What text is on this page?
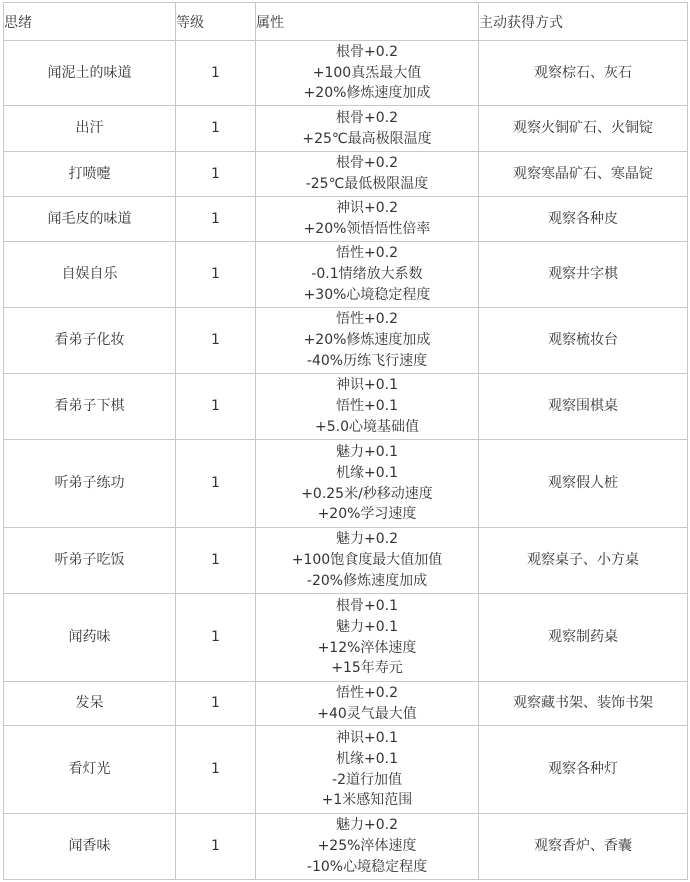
思绪	等级	属性	主动获得方式
闻泥土的味道	1	根骨+0.2
+100真炁最大值
+20%修炼速度加成	观察棕石、灰石
出汗	1	根骨+0.2
+25℃最高极限温度	观察火铜矿石、火铜锭
打喷嚏	1	根骨+0.2
-25℃最低极限温度	观察寒晶矿石、寒晶锭
闻毛皮的味道	1	神识+0.2
+20%领悟悟性倍率	观察各种皮
自娱自乐	1	悟性+0.2
-0.1情绪放大系数
+30%心境稳定程度	观察井字棋
看弟子化妆	1	悟性+0.2
+20%修炼速度加成
-40%历练飞行速度	观察梳妆台
看弟子下棋	1	神识+0.1
悟性+0.1
+5.0心境基础值	观察围棋桌
听弟子练功	1	魅力+0.1
机缘+0.1
+0.25米/秒移动速度
+20%学习速度	观察假人桩
听弟子吃饭	1	魅力+0.2
+100饱食度最大值加值
-20%修炼速度加成	观察桌子、小方桌
闻药味	1	根骨+0.1
魅力+0.1
+12%淬体速度
+15年寿元	观察制药桌
发呆	1	悟性+0.2
+40灵气最大值	观察藏书架、装饰书架
看灯光	1	神识+0.1
机缘+0.1
-2道行加值
+1米感知范围	观察各种灯
闻香味	1	魅力+0.2
+25%淬体速度
-10%心境稳定程度	观察香炉、香囊
